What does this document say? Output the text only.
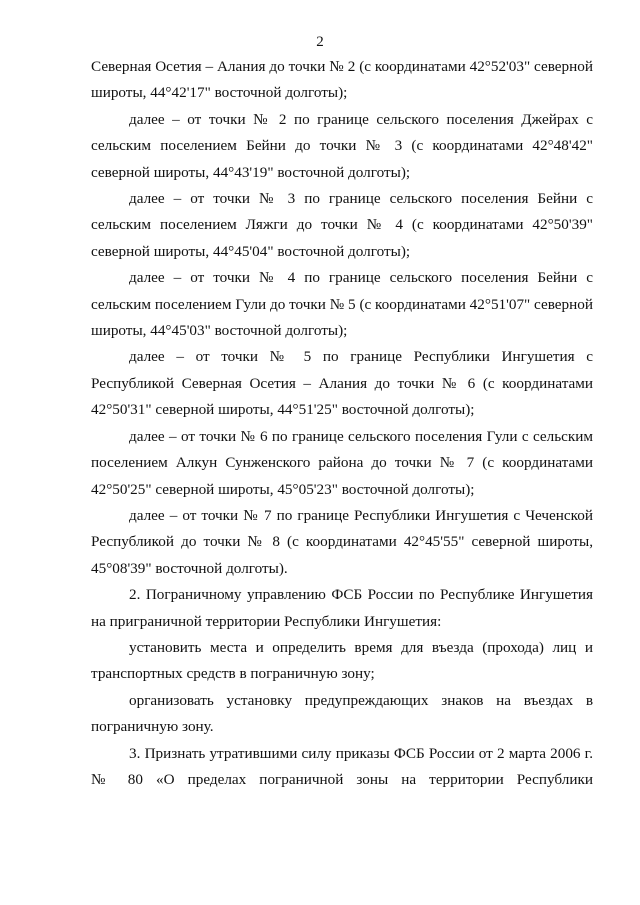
2

Северная Осетия – Алания до точки № 2 (с координатами 42°52'03" северной широты, 44°42'17" восточной долготы);

далее – от точки № 2 по границе сельского поселения Джейрах с сельским поселением Бейни до точки № 3 (с координатами 42°48'42" северной широты, 44°43'19" восточной долготы);

далее – от точки № 3 по границе сельского поселения Бейни с сельским поселением Ляжги до точки № 4 (с координатами 42°50'39" северной широты, 44°45'04" восточной долготы);

далее – от точки № 4 по границе сельского поселения Бейни с сельским поселением Гули до точки № 5 (с координатами 42°51'07" северной широты, 44°45'03" восточной долготы);

далее – от точки № 5 по границе Республики Ингушетия с Республикой Северная Осетия – Алания до точки № 6 (с координатами 42°50'31" северной широты, 44°51'25" восточной долготы);

далее – от точки № 6 по границе сельского поселения Гули с сельским поселением Алкун Сунженского района до точки № 7 (с координатами 42°50'25" северной широты, 45°05'23" восточной долготы);

далее – от точки № 7 по границе Республики Ингушетия с Чеченской Республикой до точки № 8 (с координатами 42°45'55" северной широты, 45°08'39" восточной долготы).

2. Пограничному управлению ФСБ России по Республике Ингушетия на приграничной территории Республики Ингушетия:

установить места и определить время для въезда (прохода) лиц и транспортных средств в пограничную зону;

организовать установку предупреждающих знаков на въездах в пограничную зону.

3. Признать утратившими силу приказы ФСБ России от 2 марта 2006 г. № 80 «О пределах пограничной зоны на территории Республики
